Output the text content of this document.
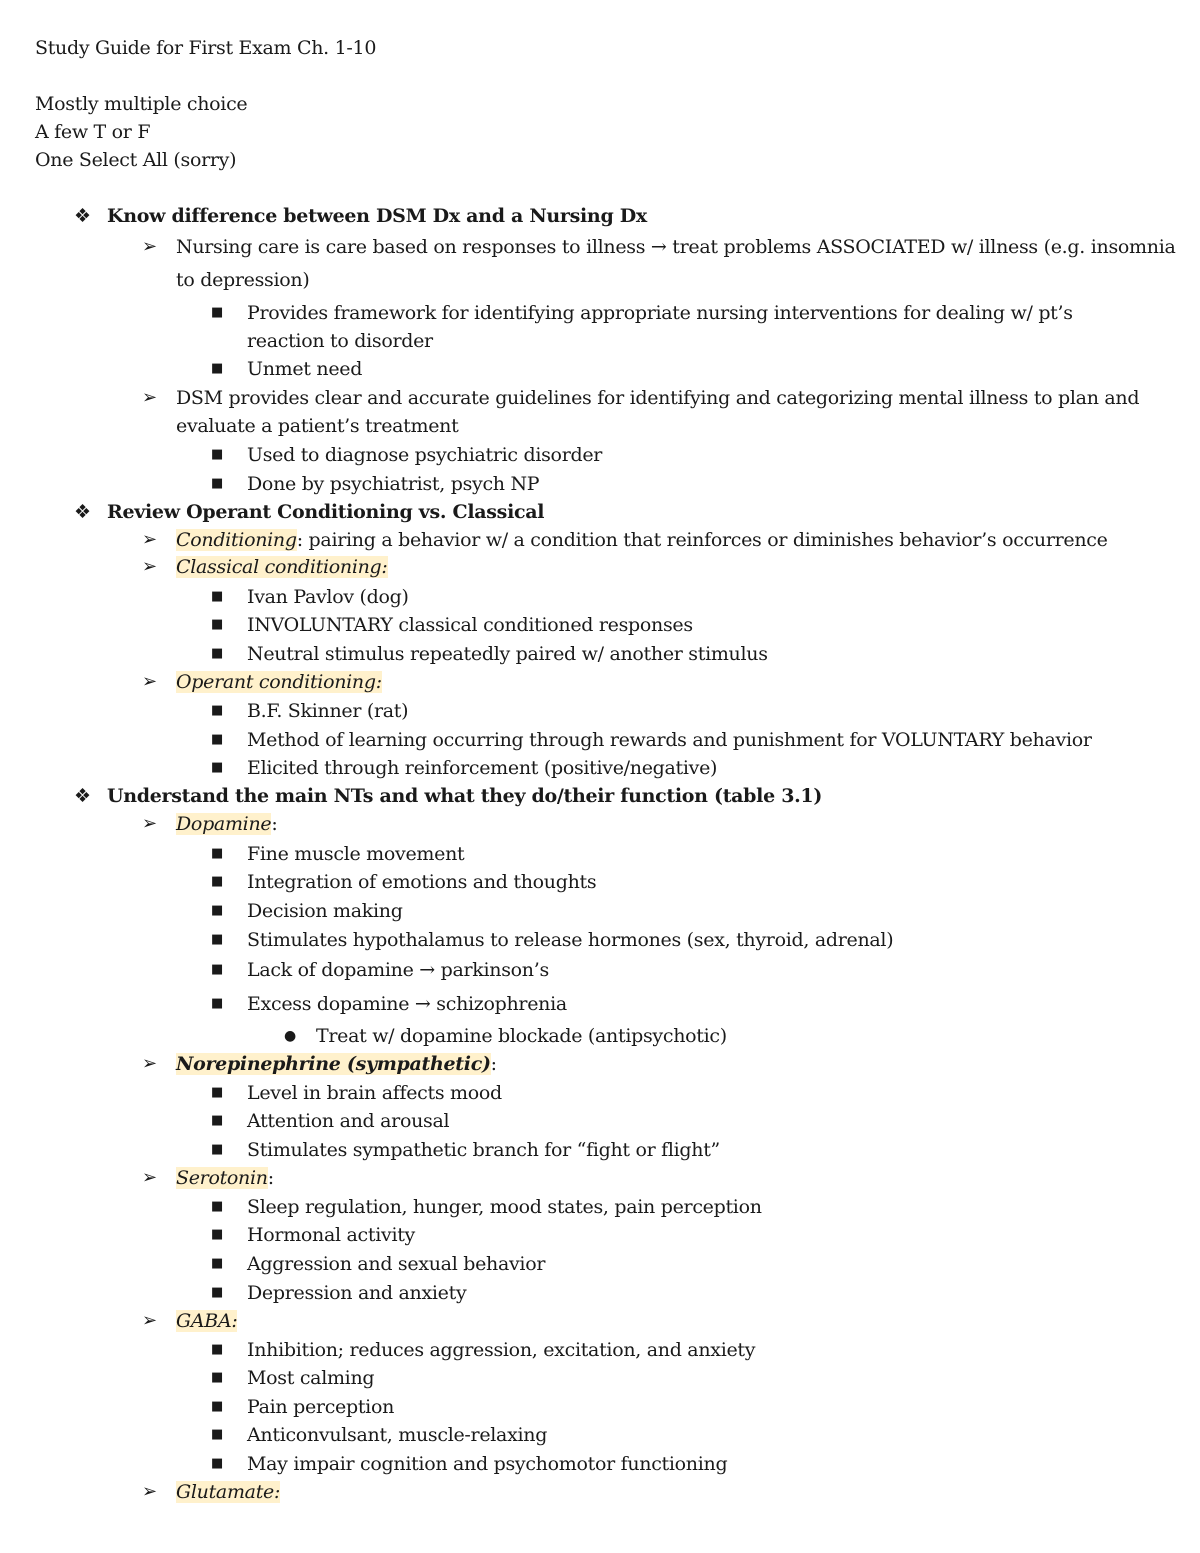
Study Guide for First Exam Ch. 1-10
Mostly multiple choice
A few T or F
One Select All (sorry)
❖ Know difference between DSM Dx and a Nursing Dx
➢ Nursing care is care based on responses to illness → treat problems ASSOCIATED w/ illness (e.g. insomnia
to depression)
■ Provides framework for identifying appropriate nursing interventions for dealing w/ pt’s
reaction to disorder
■ Unmet need
➢ DSM provides clear and accurate guidelines for identifying and categorizing mental illness to plan and
evaluate a patient’s treatment
■ Used to diagnose psychiatric disorder
■ Done by psychiatrist, psych NP
❖ Review Operant Conditioning vs. Classical
➢ Conditioning: pairing a behavior w/ a condition that reinforces or diminishes behavior’s occurrence
➢ Classical conditioning:
■ Ivan Pavlov (dog)
■ INVOLUNTARY classical conditioned responses
■ Neutral stimulus repeatedly paired w/ another stimulus
➢ Operant conditioning:
■ B.F. Skinner (rat)
■ Method of learning occurring through rewards and punishment for VOLUNTARY behavior
■ Elicited through reinforcement (positive/negative)
❖ Understand the main NTs and what they do/their function (table 3.1)
➢ Dopamine:
■ Fine muscle movement
■ Integration of emotions and thoughts
■ Decision making
■ Stimulates hypothalamus to release hormones (sex, thyroid, adrenal)
■ Lack of dopamine → parkinson’s
■ Excess dopamine → schizophrenia
● Treat w/ dopamine blockade (antipsychotic)
➢ Norepinephrine (sympathetic):
■ Level in brain affects mood
■ Attention and arousal
■ Stimulates sympathetic branch for “fight or flight”
➢ Serotonin:
■ Sleep regulation, hunger, mood states, pain perception
■ Hormonal activity
■ Aggression and sexual behavior
■ Depression and anxiety
➢ GABA:
■ Inhibition; reduces aggression, excitation, and anxiety
■ Most calming
■ Pain perception
■ Anticonvulsant, muscle-relaxing
■ May impair cognition and psychomotor functioning
➢ Glutamate:
